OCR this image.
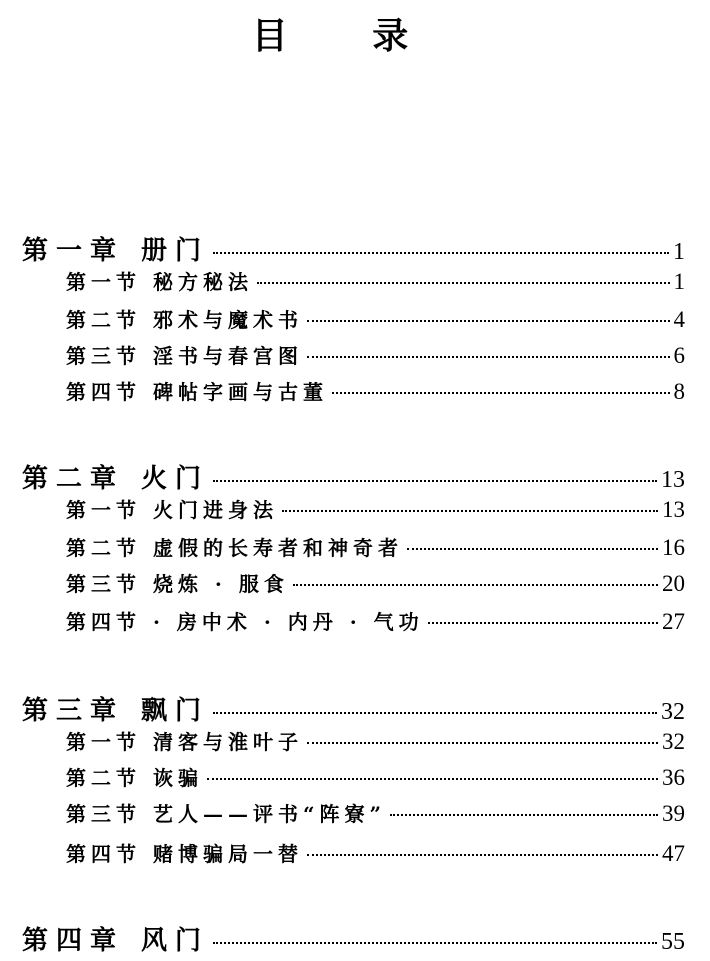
目 录
第一章 册门	1
第一节 秘方秘法	1
第二节 邪术与魔术书	4
第三节 淫书与春宫图	6
第四节 碑帖字画与古董	8
第二章 火门	13
第一节 火门进身法	13
第二节 虚假的长寿者和神奇者	16
第三节 烧炼 · 服食	20
第四节 · 房中术 · 内丹 · 气功	27
第三章 飘门	32
第一节 清客与淮叶子	32
第二节 诙骗	36
第三节 艺人——评书“阵寮”	39
第四节 赌博骗局一替	47
第四章 风门	55
